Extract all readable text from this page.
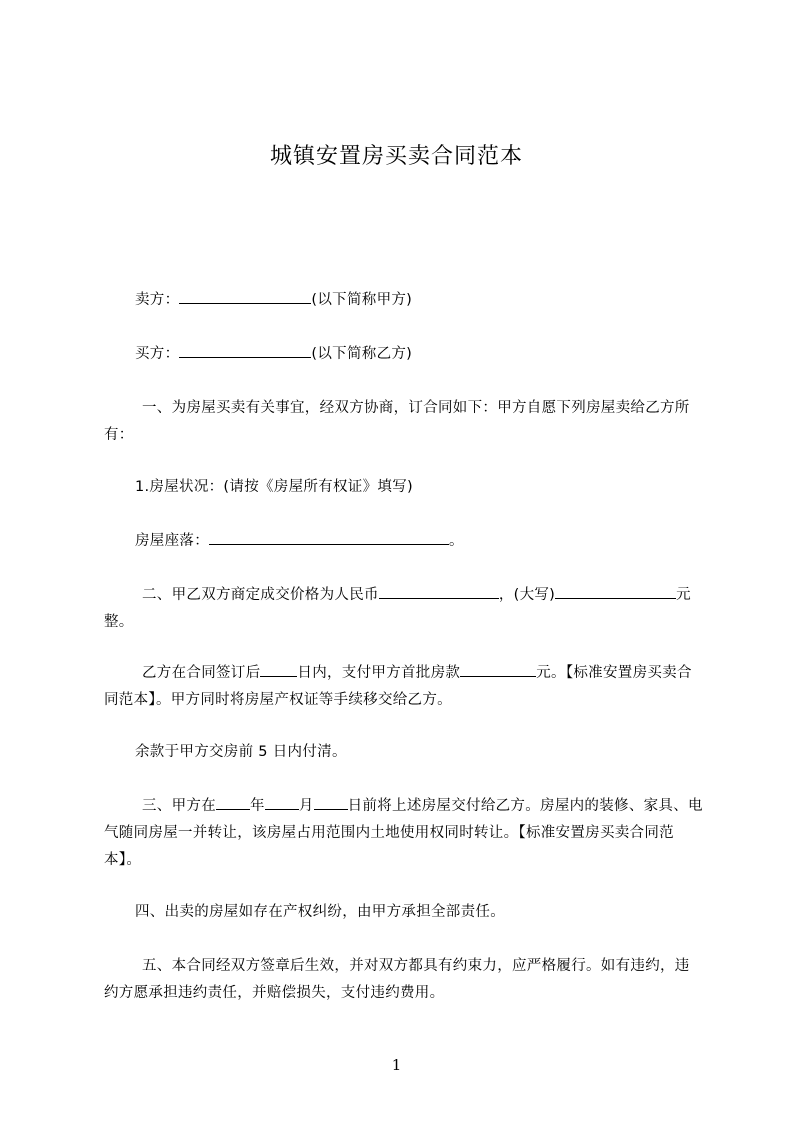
城镇安置房买卖合同范本
卖方：	(以下简称甲方)
买方：	(以下简称乙方)
一、为房屋买卖有关事宜，经双方协商，订合同如下：甲方自愿下列房屋卖给乙方所有：
1.房屋状况：(请按《房屋所有权证》填写)
房屋座落：	。
二、甲乙双方商定成交价格为人民币	，(大写)	元整。
乙方在合同签订后	日内，支付甲方首批房款	元。【标准安置房买卖合同范本】。甲方同时将房屋产权证等手续移交给乙方。
余款于甲方交房前 5 日内付清。
三、甲方在 年 月 日前将上述房屋交付给乙方。房屋内的装修、家具、电气随同房屋一并转让，该房屋占用范围内土地使用权同时转让。【标准安置房买卖合同范本】。
四、出卖的房屋如存在产权纠纷，由甲方承担全部责任。
五、本合同经双方签章后生效，并对双方都具有约束力，应严格履行。如有违约，违约方愿承担违约责任，并赔偿损失，支付违约费用。
1
